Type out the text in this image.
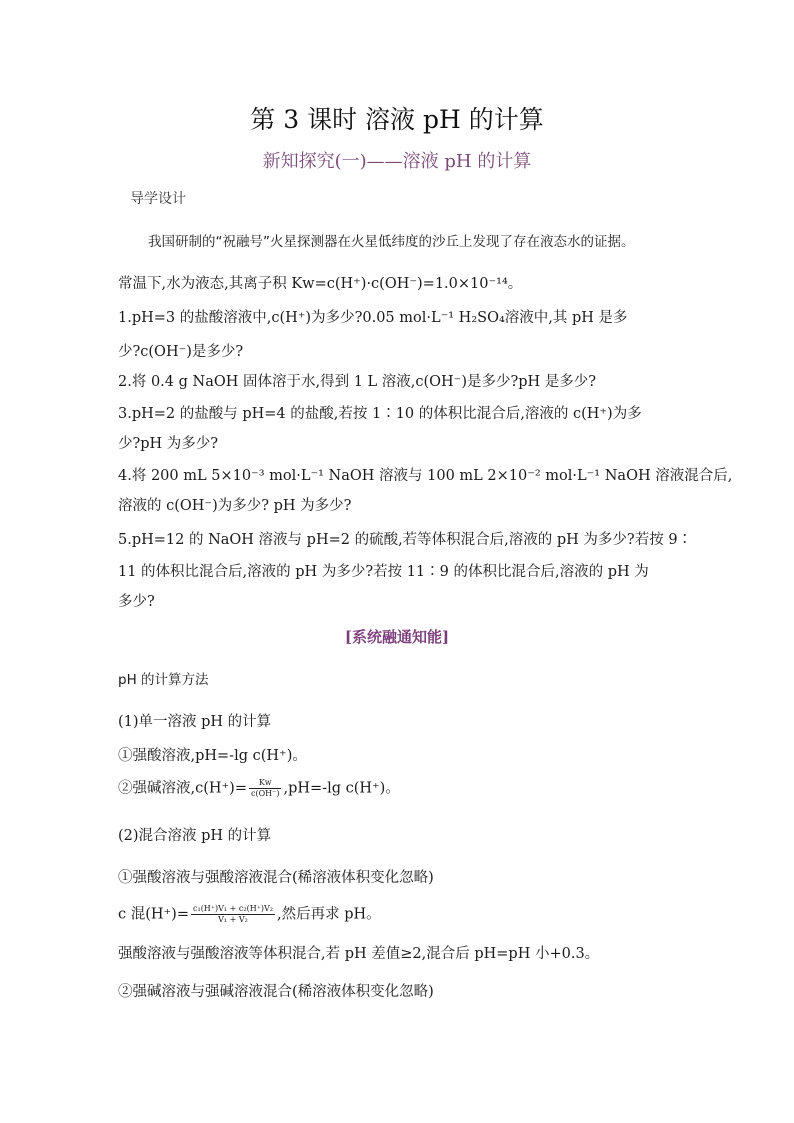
第 3 课时 溶液 pH 的计算
新知探究(一)——溶液 pH 的计算
导学设计
我国研制的“祝融号”火星探测器在火星低纬度的沙丘上发现了存在液态水的证据。
常温下,水为液态,其离子积 Kw=c(H⁺)·c(OH⁻)=1.0×10⁻¹⁴。
1.pH=3 的盐酸溶液中,c(H⁺)为多少?0.05 mol·L⁻¹ H₂SO₄溶液中,其 pH 是多
少?c(OH⁻)是多少?
2.将 0.4 g NaOH 固体溶于水,得到 1 L 溶液,c(OH⁻)是多少?pH 是多少?
3.pH=2 的盐酸与 pH=4 的盐酸,若按 1∶10 的体积比混合后,溶液的 c(H⁺)为多
少?pH 为多少?
4.将 200 mL 5×10⁻³ mol·L⁻¹ NaOH 溶液与 100 mL 2×10⁻² mol·L⁻¹ NaOH 溶液混合后,
溶液的 c(OH⁻)为多少? pH 为多少?
5.pH=12 的 NaOH 溶液与 pH=2 的硫酸,若等体积混合后,溶液的 pH 为多少?若按 9∶
11 的体积比混合后,溶液的 pH 为多少?若按 11∶9 的体积比混合后,溶液的 pH 为
多少?
[系统融通知能]
pH 的计算方法
(1)单一溶液 pH 的计算
①强酸溶液,pH=-lg c(H⁺)。
②强碱溶液$,c(H^+)= \frac{Kw}{c(OH^-)} ,pH=-\lg$ c(H⁺)。
(2)混合溶液 pH 的计算
①强酸溶液与强酸溶液混合(稀溶液体积变化忽略)
c 混$(H^+)= \frac{\text{c₁(H⁺)V₁ + c₂(H⁺)V₂}}{\text{V₁ + V₂}}$ ,然后再求 pH。
强酸溶液与强酸溶液等体积混合,若 pH 差值≥2,混合后 pH=pH 小+0.3。
②强碱溶液与强碱溶液混合(稀溶液体积变化忽略)
